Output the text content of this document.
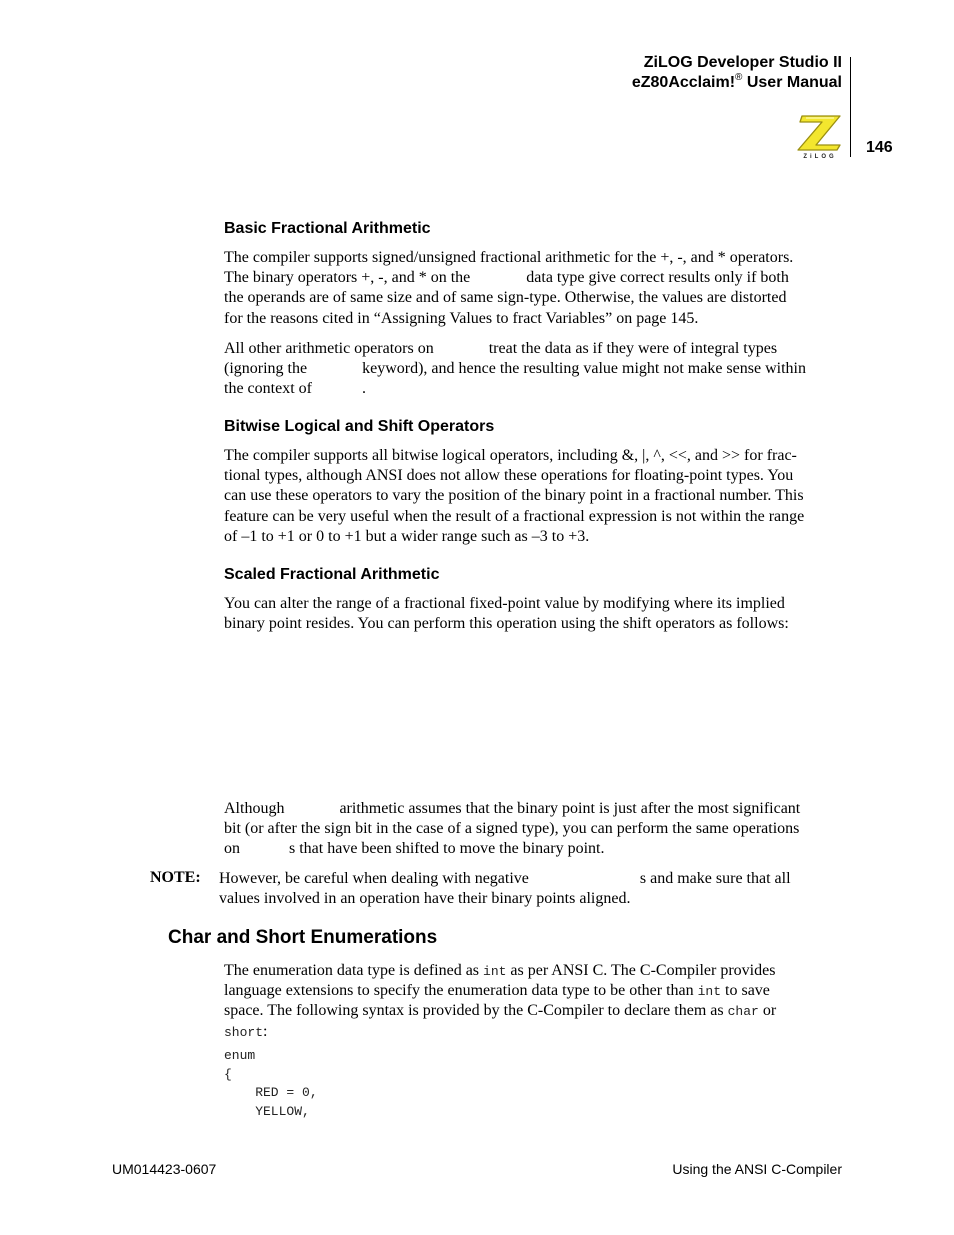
ZiLOG Developer Studio II
eZ80Acclaim!® User Manual
ZiLOG
146
Basic Fractional Arithmetic
The compiler supports signed/unsigned fractional arithmetic for the +, -, and * operators.
The binary operators +, -, and * on the	data type give correct results only if both
the operands are of same size and of same sign-type. Otherwise, the values are distorted
for the reasons cited in “Assigning Values to fract Variables” on page 145.
All other arithmetic operators on	treat the data as if they were of integral types
(ignoring the	keyword), and hence the resulting value might not make sense within
the context of	.
Bitwise Logical and Shift Operators
The compiler supports all bitwise logical operators, including &, |, ^, <<, and >> for frac-
tional types, although ANSI does not allow these operations for floating-point types. You
can use these operators to vary the position of the binary point in a fractional number. This
feature can be very useful when the result of a fractional expression is not within the range
of –1 to +1 or 0 to +1 but a wider range such as –3 to +3.
Scaled Fractional Arithmetic
You can alter the range of a fractional fixed-point value by modifying where its implied
binary point resides. You can perform this operation using the shift operators as follows:
Although	arithmetic assumes that the binary point is just after the most significant
bit (or after the sign bit in the case of a signed type), you can perform the same operations
on	s that have been shifted to move the binary point.
NOTE: However, be careful when dealing with negative	s and make sure that all
values involved in an operation have their binary points aligned.
Char and Short Enumerations
The enumeration data type is defined as int as per ANSI C. The C-Compiler provides
language extensions to specify the enumeration data type to be other than int to save
space. The following syntax is provided by the C-Compiler to declare them as char or
short:
enum
{
RED = 0,
YELLOW,
UM014423-0607	Using the ANSI C-Compiler
